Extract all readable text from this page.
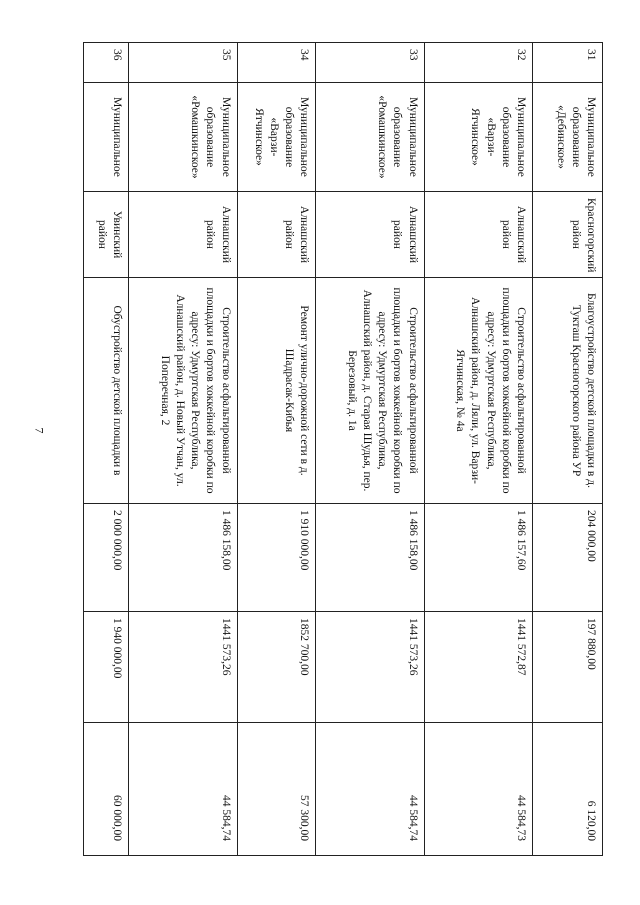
7
31	Муниципальное образование «Дебинское»	Красногорский район	Благоустройство детской площадки в д. Тукташ Красногорского района УР	204 000,00	197 880,00	6 120,00
32	Муниципальное образование «Варзи-Ятчинское»	Алнашский район	Строительство асфальтированной площадки и бортов хоккейной коробки по адресу: Удмуртская Республика, Алнашский район, д. Ляли, ул. Варзи-Ятчинская, № 4а	1 486 157,60	1441 572,87	44 584,73
33	Муниципальное образование «Ромашкинское»	Алнашский район	Строительство асфальтированной площадки и бортов хоккейной коробки по адресу: Удмуртская Республика, Алнашский район, д. Старая Шудья, пер. Березовый, д. 1а	1 486 158,00	1441 573,26	44 584,74
34	Муниципальное образование «Варзи-Ятчинское»	Алнашский район	Ремонт улично-дорожной сети в д. Шадрасак-Кибья	1 910 000,00	1852 700,00	57 300,00
35	Муниципальное образование «Ромашкинское»	Алнашский район	Строительство асфальтированной площадки и бортов хоккейной коробки по адресу: Удмуртская Республика, Алнашский район, д. Новый Утчан, ул. Поперечная, 2	1 486 158,00	1441 573,26	44 584,74
36	Муниципальное	Увинский район	Обустройство детской площадки в	2 000 000,00	1 940 000,00	60 000,00
